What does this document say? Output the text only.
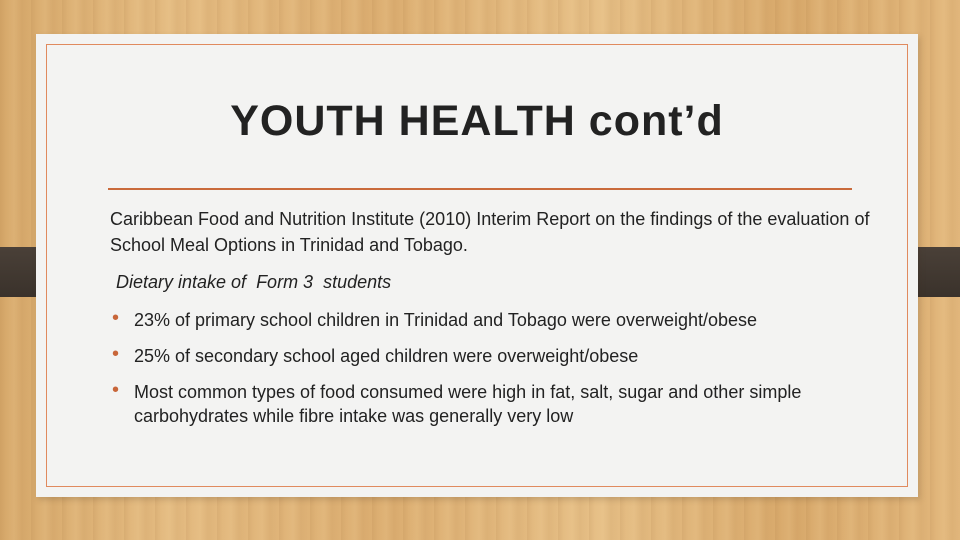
YOUTH HEALTH cont’d

Caribbean Food and Nutrition Institute (2010) Interim Report on the findings of the evaluation of School Meal Options in Trinidad and Tobago.

Dietary intake of  Form 3  students
• 23% of primary school children in Trinidad and Tobago were overweight/obese
• 25% of secondary school aged children were overweight/obese
• Most common types of food consumed were high in fat, salt, sugar and other simple carbohydrates while fibre intake was generally very low
